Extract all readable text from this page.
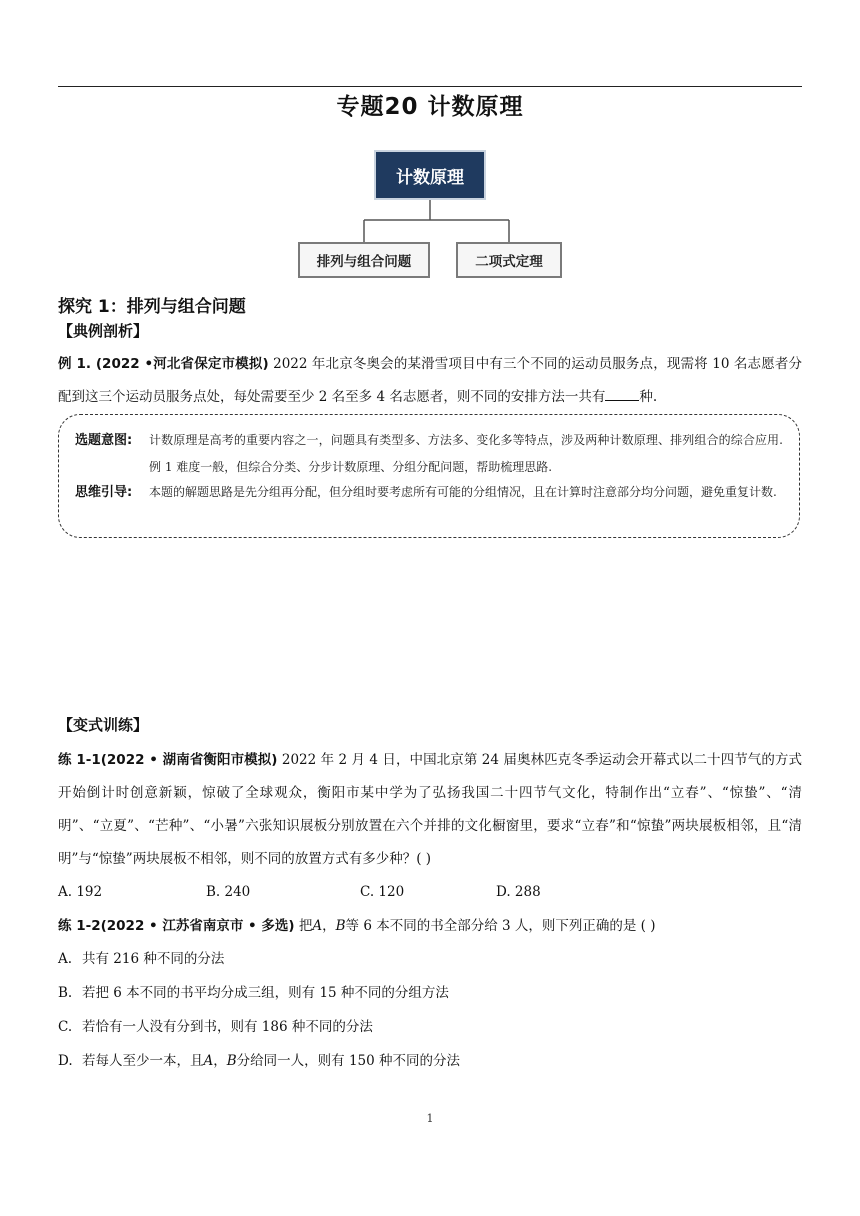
专题20 计数原理
计数原理
排列与组合问题	二项式定理
探究 1：排列与组合问题
【典例剖析】
例 1. (2022 •河北省保定市模拟) 2022 年北京冬奥会的某滑雪项目中有三个不同的运动员服务点，现需将 10 名志愿者分配到这三个运动员服务点处，每处需要至少 2 名至多 4 名志愿者，则不同的安排方法一共有	种.
选题意图: 计数原理是高考的重要内容之一，问题具有类型多、方法多、变化多等特点，涉及两种计数原理、排列组合的综合应用. 例 1 难度一般，但综合分类、分步计数原理、分组分配问题，帮助梳理思路.
思维引导: 本题的解题思路是先分组再分配，但分组时要考虑所有可能的分组情况，且在计算时注意部分均分问题，避免重复计数.
【变式训练】
练 1-1(2022 • 湖南省衡阳市模拟) 2022 年 2 月 4 日，中国北京第 24 届奥林匹克冬季运动会开幕式以二十四节气的方式开始倒计时创意新颖，惊破了全球观众，衡阳市某中学为了弘扬我国二十四节气文化，特制作出“立春”、“惊蛰”、“清明”、“立夏”、“芒种”、“小暑”六张知识展板分别放置在六个并排的文化橱窗里，要求“立春”和“惊蛰”两块展板相邻，且“清明”与“惊蛰”两块展板不相邻，则不同的放置方式有多少种？( )
A. 192	B. 240	C. 120	D. 288
练 1-2(2022 • 江苏省南京市 • 多选) 把A，B等 6 本不同的书全部分给 3 人，则下列正确的是 ( )
A. 共有 216 种不同的分法
B. 若把 6 本不同的书平均分成三组，则有 15 种不同的分组方法
C. 若恰有一人没有分到书，则有 186 种不同的分法
D. 若每人至少一本，且A，B分给同一人，则有 150 种不同的分法
1
